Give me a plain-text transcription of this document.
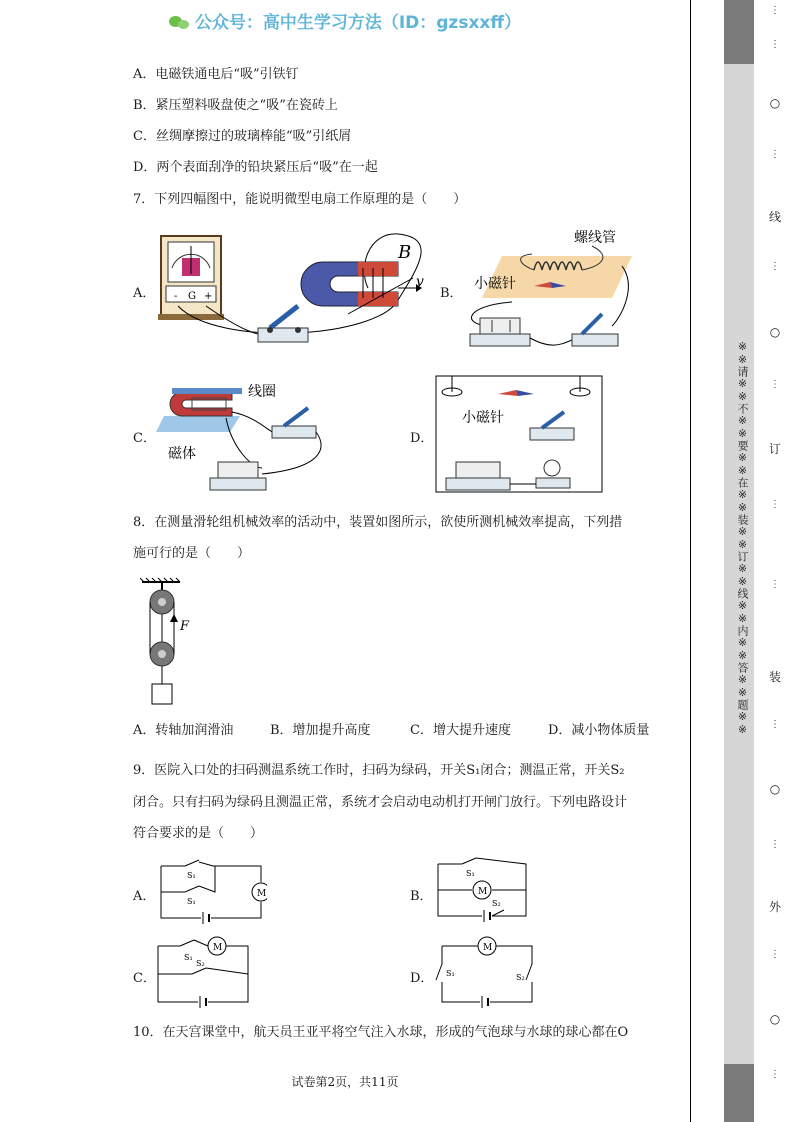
公众号：高中生学习方法（ID：gzsxxff）
A．电磁铁通电后“吸”引铁钉
B．紧压塑料吸盘使之“吸”在瓷砖上
C．丝绸摩擦过的玻璃棒能“吸”引纸屑
D．两个表面刮净的铅块紧压后“吸”在一起
7．下列四幅图中，能说明微型电扇工作原理的是（　　）
A． - G +
B
v
B．
螺线管
小磁针
C．
线圈
磁体
D．
小磁针
8．在测量滑轮组机械效率的活动中，装置如图所示，欲使所测机械效率提高，下列措
施可行的是（　　）
F
A．转轴加润滑油	B．增加提升高度	C．增大提升速度	D．减小物体质量
9．医院入口处的扫码测温系统工作时，扫码为绿码，开关S₁闭合；测温正常，开关S₂
闭合。只有扫码为绿码且测温正常，系统才会启动电动机打开闸门放行。下列电路设计
符合要求的是（　　）
A．	M
S₁
S₁	B．	M
S₁
S₂
C．
M
S₁
S₂
D．
M
S₁	S₂
10．在天宫课堂中，航天员王亚平将空气注入水球，形成的气泡球与水球的球心都在O
试卷第2页，共11页
※※请※※不※※要※※在※※装※※订※※线※※内※※答※※题※※
⋮
⋮
○
⋮
线
⋮
○
⋮
订
⋮
⋮
装
⋮
○
⋮
外
⋮
○
⋮
